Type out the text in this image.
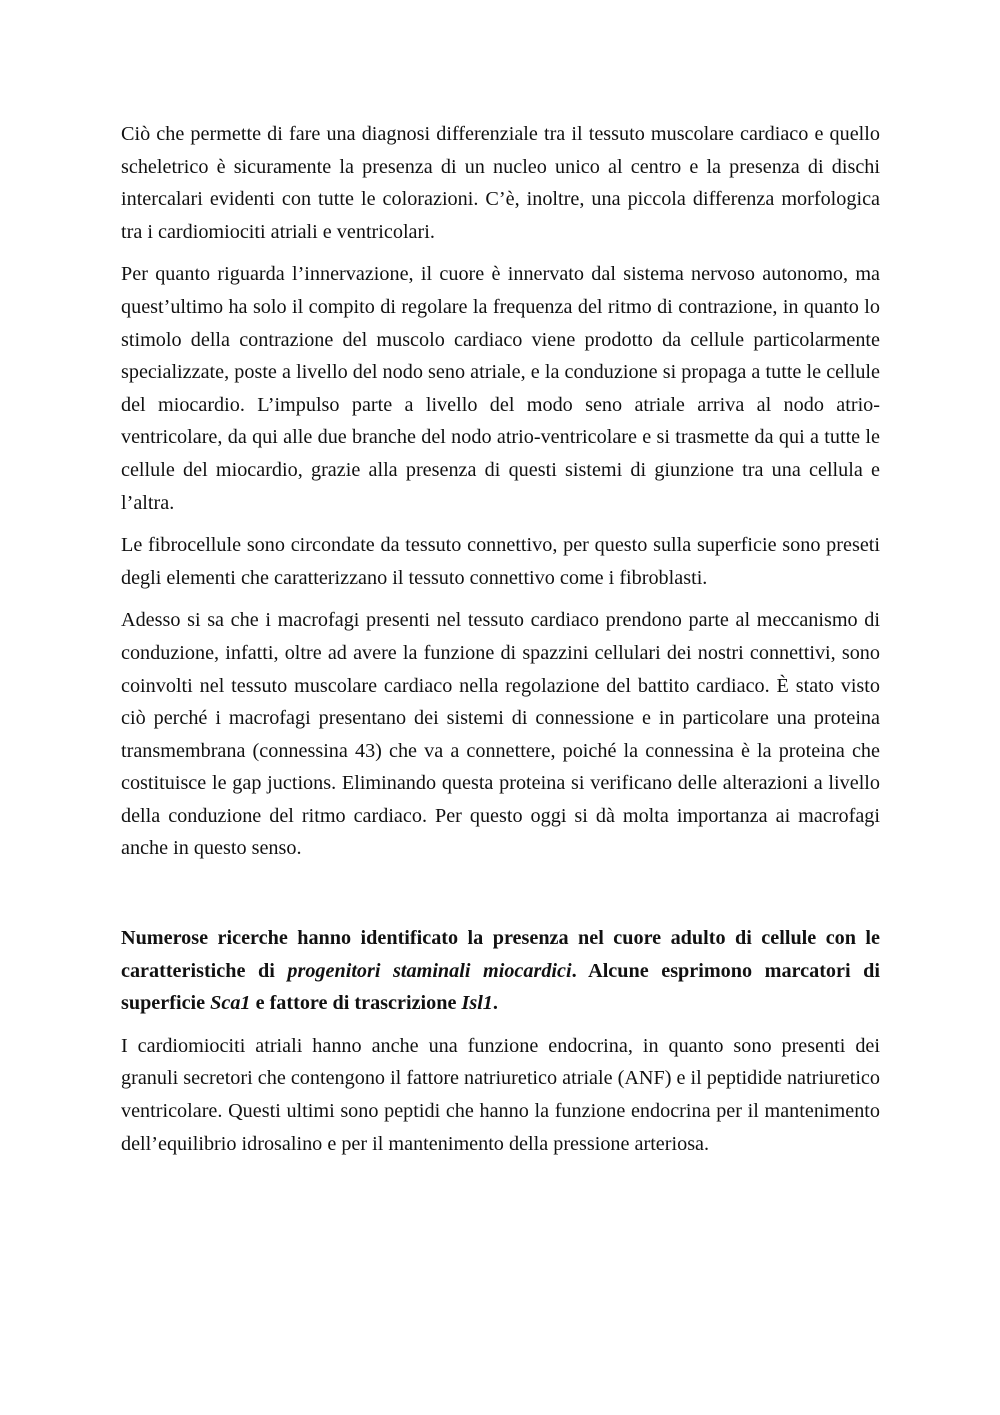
Ciò che permette di fare una diagnosi differenziale tra il tessuto muscolare cardiaco e quello scheletrico è sicuramente la presenza di un nucleo unico al centro e la presenza di dischi intercalari evidenti con tutte le colorazioni. C’è, inoltre, una piccola differenza morfologica tra i cardiomiociti atriali e ventricolari.

Per quanto riguarda l’innervazione, il cuore è innervato dal sistema nervoso autonomo, ma quest’ultimo ha solo il compito di regolare la frequenza del ritmo di contrazione, in quanto lo stimolo della contrazione del muscolo cardiaco viene prodotto da cellule particolarmente specializzate, poste a livello del nodo seno atriale, e la conduzione si propaga a tutte le cellule del miocardio. L’impulso parte a livello del modo seno atriale arriva al nodo atrio-ventricolare, da qui alle due branche del nodo atrio-ventricolare e si trasmette da qui a tutte le cellule del miocardio, grazie alla presenza di questi sistemi di giunzione tra una cellula e l’altra.

Le fibrocellule sono circondate da tessuto connettivo, per questo sulla superficie sono preseti degli elementi che caratterizzano il tessuto connettivo come i fibroblasti.

Adesso si sa che i macrofagi presenti nel tessuto cardiaco prendono parte al meccanismo di conduzione, infatti, oltre ad avere la funzione di spazzini cellulari dei nostri connettivi, sono coinvolti nel tessuto muscolare cardiaco nella regolazione del battito cardiaco. È stato visto ciò perché i macrofagi presentano dei sistemi di connessione e in particolare una proteina transmembrana (connessina 43) che va a connettere, poiché la connessina è la proteina che costituisce le gap juctions. Eliminando questa proteina si verificano delle alterazioni a livello della conduzione del ritmo cardiaco. Per questo oggi si dà molta importanza ai macrofagi anche in questo senso.

Numerose ricerche hanno identificato la presenza nel cuore adulto di cellule con le caratteristiche di progenitori staminali miocardici. Alcune esprimono marcatori di superficie Sca1 e fattore di trascrizione Isl1.

I cardiomiociti atriali hanno anche una funzione endocrina, in quanto sono presenti dei granuli secretori che contengono il fattore natriuretico atriale (ANF) e il peptidide natriuretico ventricolare. Questi ultimi sono peptidi che hanno la funzione endocrina per il mantenimento dell’equilibrio idrosalino e per il mantenimento della pressione arteriosa.
